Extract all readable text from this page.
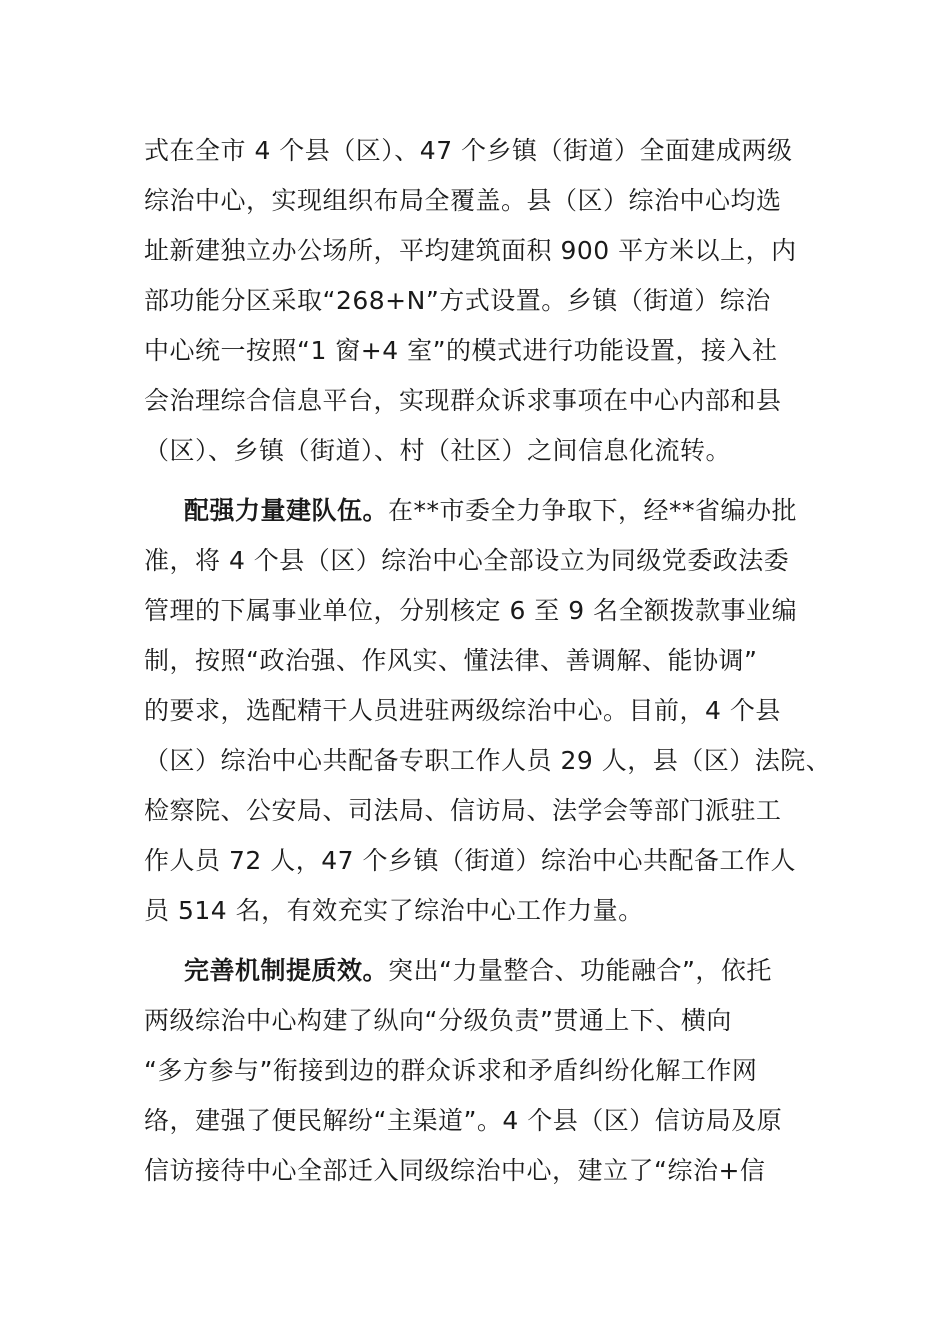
式在全市 4 个县（区）、47 个乡镇（街道）全面建成两级
综治中心，实现组织布局全覆盖。县（区）综治中心均选
址新建独立办公场所，平均建筑面积 900 平方米以上，内
部功能分区采取“268+N”方式设置。乡镇（街道）综治
中心统一按照“1 窗+4 室”的模式进行功能设置，接入社
会治理综合信息平台，实现群众诉求事项在中心内部和县
（区）、乡镇（街道）、村（社区）之间信息化流转。
配强力量建队伍。在**市委全力争取下，经**省编办批
准，将 4 个县（区）综治中心全部设立为同级党委政法委
管理的下属事业单位，分别核定 6 至 9 名全额拨款事业编
制，按照“政治强、作风实、懂法律、善调解、能协调”
的要求，选配精干人员进驻两级综治中心。目前，4 个县
（区）综治中心共配备专职工作人员 29 人，县（区）法院、
检察院、公安局、司法局、信访局、法学会等部门派驻工
作人员 72 人，47 个乡镇（街道）综治中心共配备工作人
员 514 名，有效充实了综治中心工作力量。
完善机制提质效。突出“力量整合、功能融合”，依托
两级综治中心构建了纵向“分级负责”贯通上下、横向
“多方参与”衔接到边的群众诉求和矛盾纠纷化解工作网
络，建强了便民解纷“主渠道”。4 个县（区）信访局及原
信访接待中心全部迁入同级综治中心，建立了“综治+信
